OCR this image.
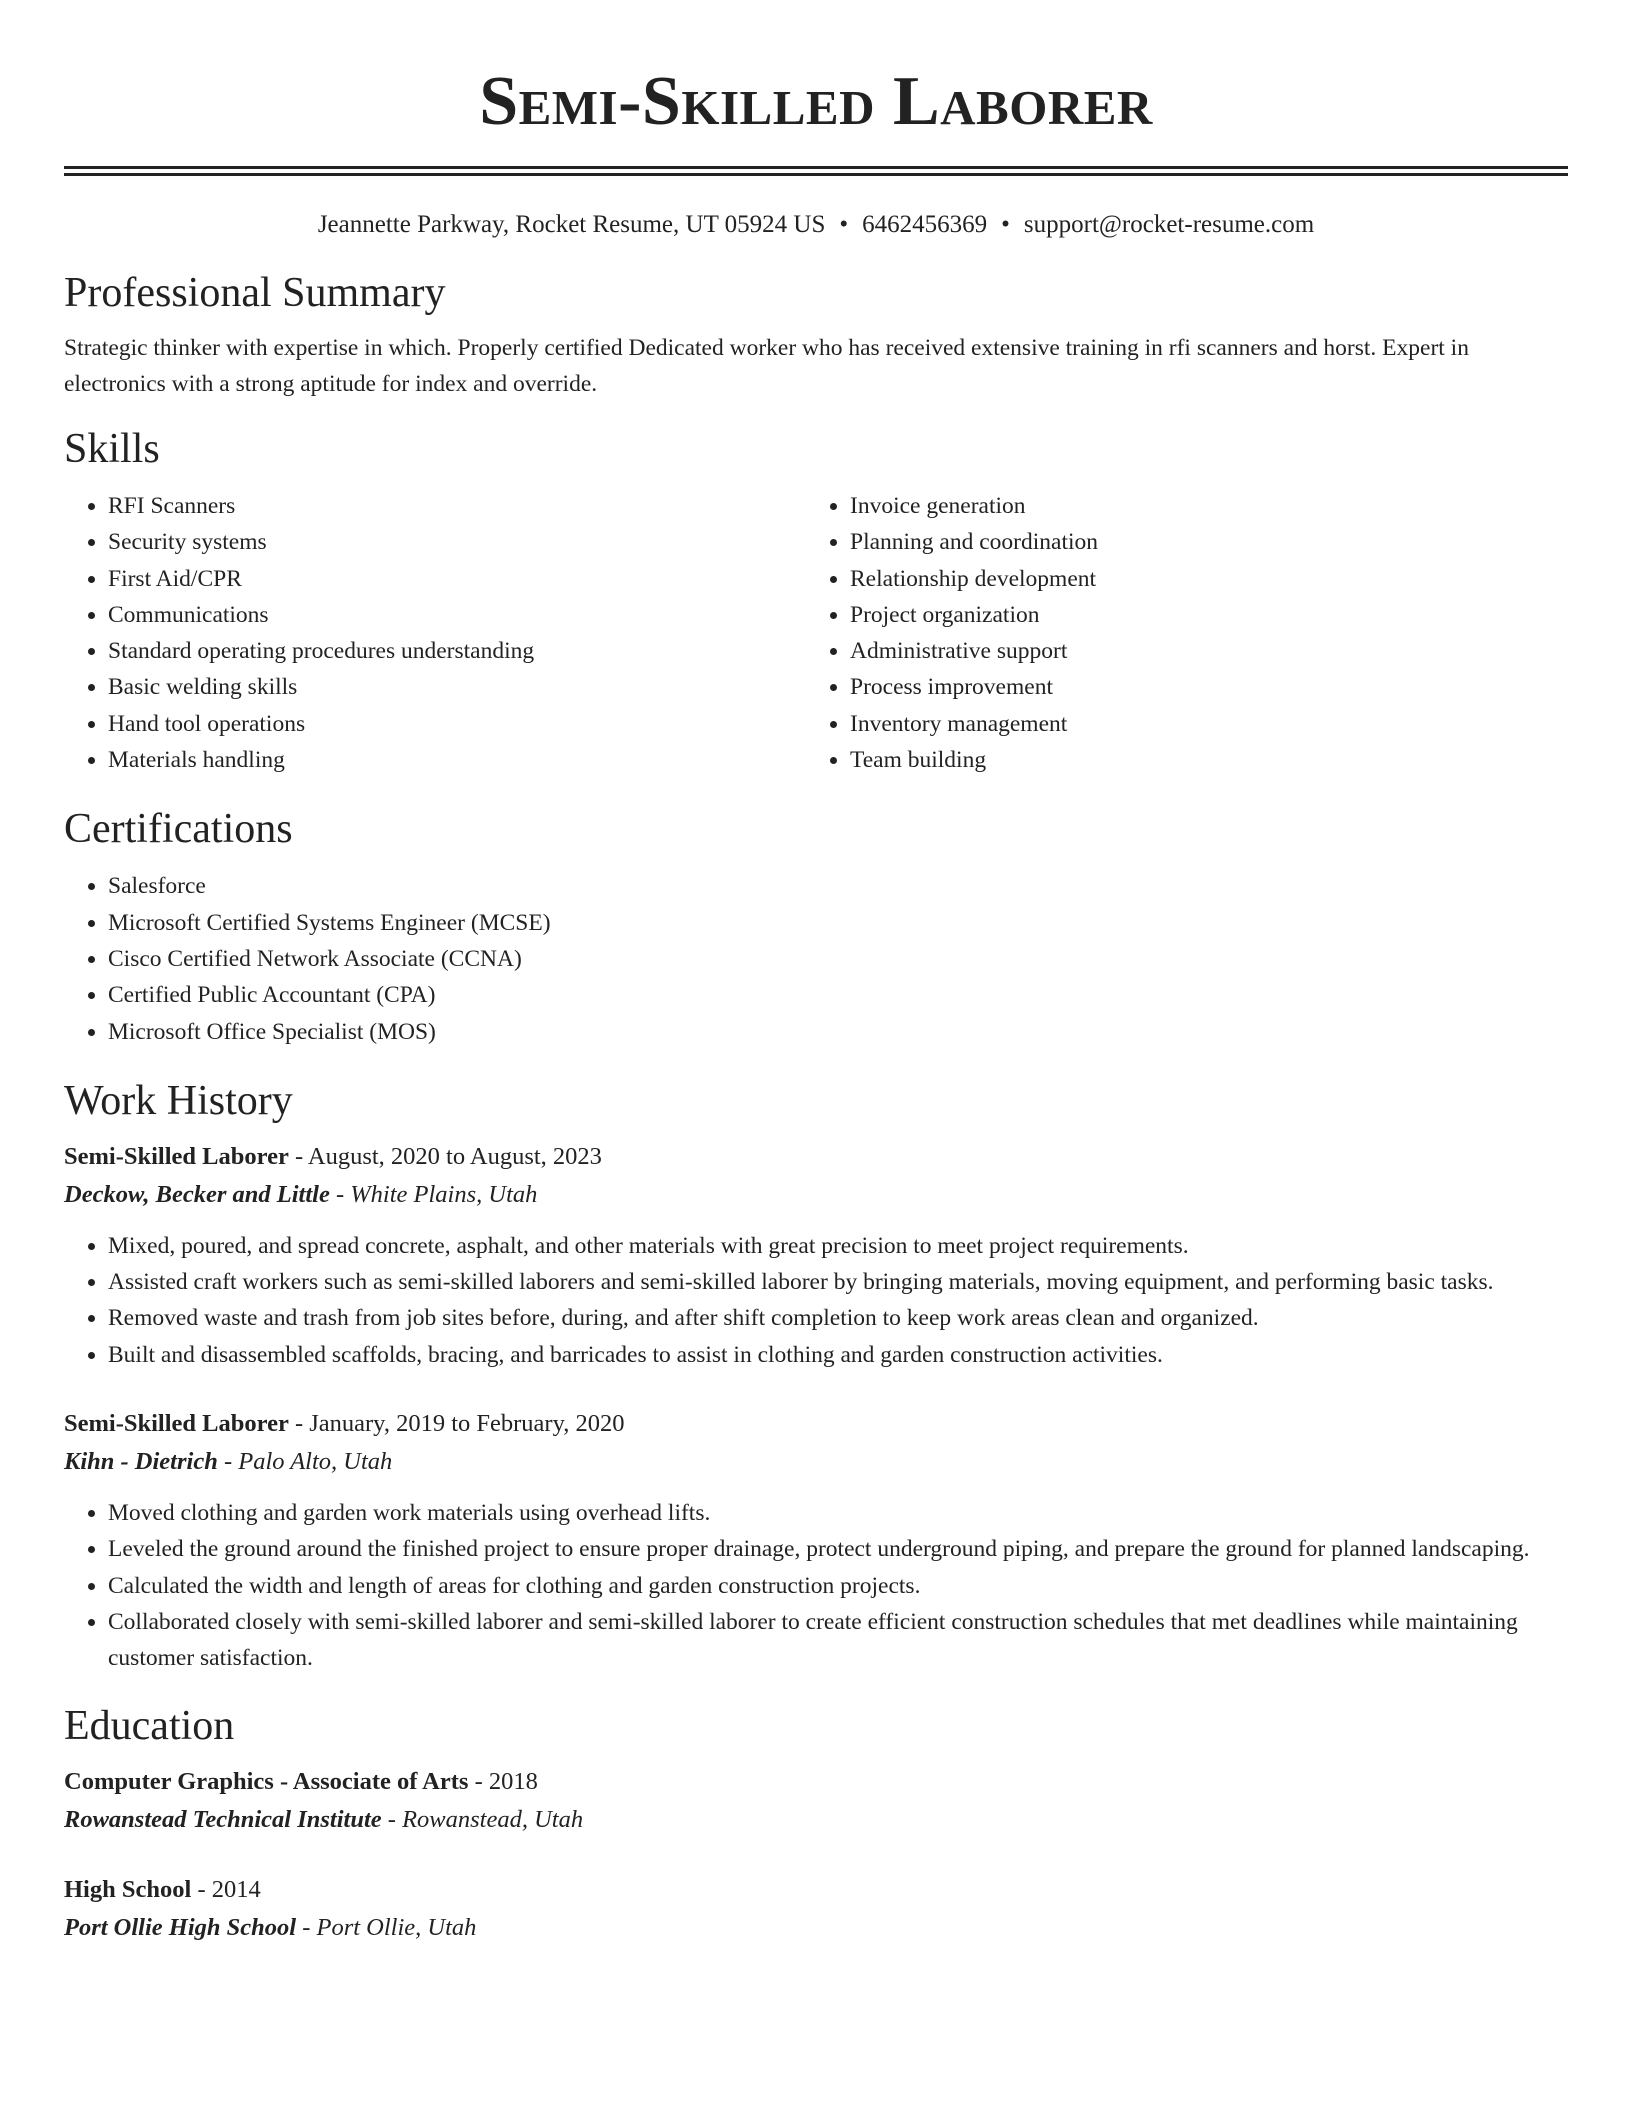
Semi-Skilled Laborer
Jeannette Parkway, Rocket Resume, UT 05924 US • 6462456369 • support@rocket-resume.com
Professional Summary

Strategic thinker with expertise in which. Properly certified Dedicated worker who has received extensive training in rfi scanners and horst. Expert in electronics with a strong aptitude for index and override.

Skills
• RFI Scanners
• Security systems
• First Aid/CPR
• Communications
• Standard operating procedures understanding
• Basic welding skills
• Hand tool operations
• Materials handling
• Invoice generation
• Planning and coordination
• Relationship development
• Project organization
• Administrative support
• Process improvement
• Inventory management
• Team building
Certifications
• Salesforce
• Microsoft Certified Systems Engineer (MCSE)
• Cisco Certified Network Associate (CCNA)
• Certified Public Accountant (CPA)
• Microsoft Office Specialist (MOS)
Work History
Semi-Skilled Laborer - August, 2020 to August, 2023
Deckow, Becker and Little - White Plains, Utah
• Mixed, poured, and spread concrete, asphalt, and other materials with great precision to meet project requirements.
• Assisted craft workers such as semi-skilled laborers and semi-skilled laborer by bringing materials, moving equipment, and performing basic tasks.
• Removed waste and trash from job sites before, during, and after shift completion to keep work areas clean and organized.
• Built and disassembled scaffolds, bracing, and barricades to assist in clothing and garden construction activities.
Semi-Skilled Laborer - January, 2019 to February, 2020
Kihn - Dietrich - Palo Alto, Utah
• Moved clothing and garden work materials using overhead lifts.
• Leveled the ground around the finished project to ensure proper drainage, protect underground piping, and prepare the ground for planned landscaping.
• Calculated the width and length of areas for clothing and garden construction projects.
• Collaborated closely with semi-skilled laborer and semi-skilled laborer to create efficient construction schedules that met deadlines while maintaining customer satisfaction.
Education
Computer Graphics - Associate of Arts - 2018
Rowanstead Technical Institute - Rowanstead, Utah
High School - 2014
Port Ollie High School - Port Ollie, Utah
